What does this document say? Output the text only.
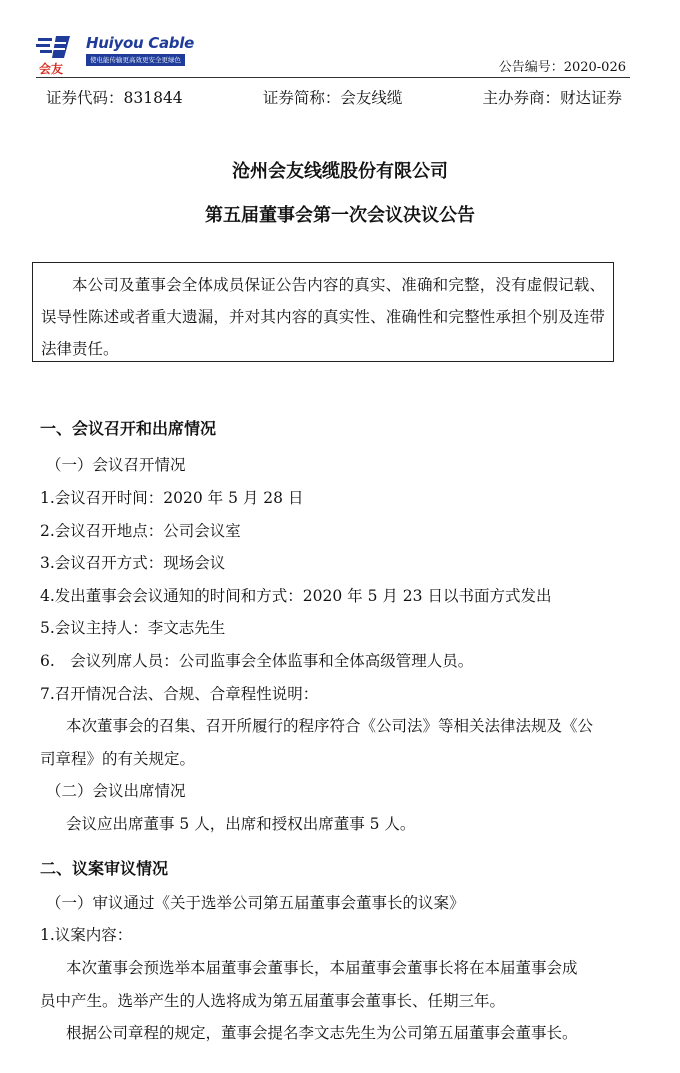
会友
Huiyou Cable
使电能传输更高效更安全更绿色	公告编号：2020-026
证券代码：831844	证券简称：会友线缆	主办券商：财达证券
沧州会友线缆股份有限公司
第五届董事会第一次会议决议公告
本公司及董事会全体成员保证公告内容的真实、准确和完整，没有虚假记载、误导性陈述或者重大遗漏，并对其内容的真实性、准确性和完整性承担个别及连带法律责任。
一、会议召开和出席情况
（一）会议召开情况
1.会议召开时间：2020 年 5 月 28 日
2.会议召开地点：公司会议室
3.会议召开方式：现场会议
4.发出董事会会议通知的时间和方式：2020 年 5 月 23 日以书面方式发出
5.会议主持人：李文志先生
6.　会议列席人员：公司监事会全体监事和全体高级管理人员。
7.召开情况合法、合规、合章程性说明：
本次董事会的召集、召开所履行的程序符合《公司法》等相关法律法规及《公
司章程》的有关规定。
（二）会议出席情况
会议应出席董事 5 人，出席和授权出席董事 5 人。
二、议案审议情况
（一）审议通过《关于选举公司第五届董事会董事长的议案》
1.议案内容：
本次董事会预选举本届董事会董事长，本届董事会董事长将在本届董事会成
员中产生。选举产生的人选将成为第五届董事会董事长、任期三年。
根据公司章程的规定，董事会提名李文志先生为公司第五届董事会董事长。
